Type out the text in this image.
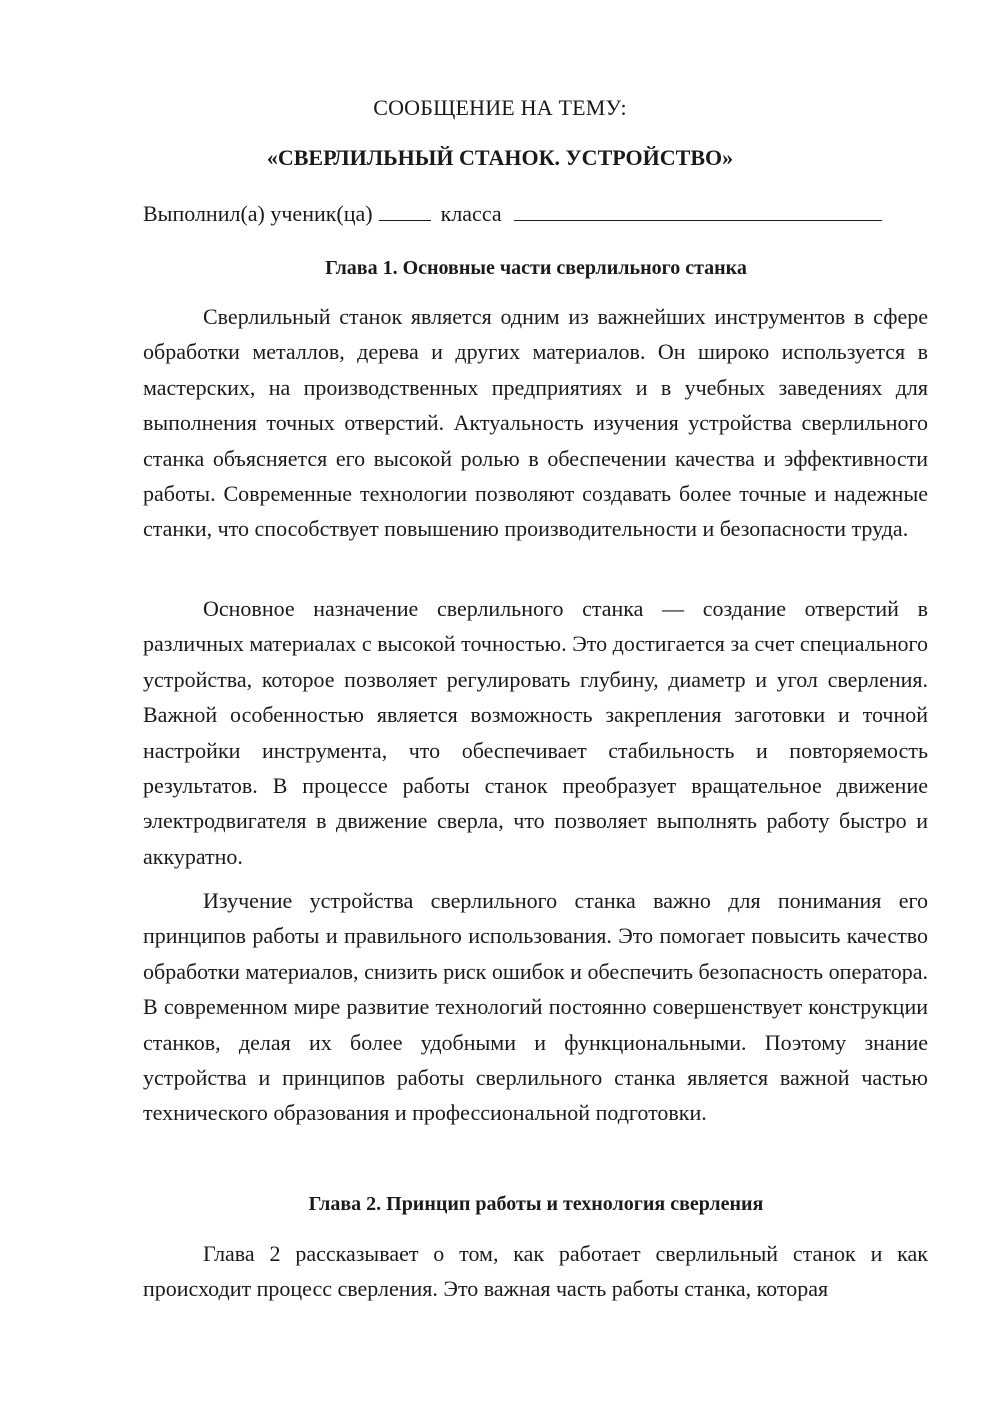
СООБЩЕНИЕ НА ТЕМУ:
«СВЕРЛИЛЬНЫЙ СТАНОК. УСТРОЙСТВО»
Выполнил(а) ученик(ца)	класса
Глава 1. Основные части сверлильного станка

Сверлильный станок является одним из важнейших инструментов в сфере обработки металлов, дерева и других материалов. Он широко используется в мастерских, на производственных предприятиях и в учебных заведениях для выполнения точных отверстий. Актуальность изучения устройства сверлильного станка объясняется его высокой ролью в обеспечении качества и эффективности работы. Современные технологии позволяют создавать более точные и надежные станки, что способствует повышению производительности и безопасности труда.

Основное назначение сверлильного станка — создание отверстий в различных материалах с высокой точностью. Это достигается за счет специального устройства, которое позволяет регулировать глубину, диаметр и угол сверления. Важной особенностью является возможность закрепления заготовки и точной настройки инструмента, что обеспечивает стабильность и повторяемость результатов. В процессе работы станок преобразует вращательное движение электродвигателя в движение сверла, что позволяет выполнять работу быстро и аккуратно.

Изучение устройства сверлильного станка важно для понимания его принципов работы и правильного использования. Это помогает повысить качество обработки материалов, снизить риск ошибок и обеспечить безопасность оператора. В современном мире развитие технологий постоянно совершенствует конструкции станков, делая их более удобными и функциональными. Поэтому знание устройства и принципов работы сверлильного станка является важной частью технического образования и профессиональной подготовки.

Глава 2. Принцип работы и технология сверления

Глава 2 рассказывает о том, как работает сверлильный станок и как происходит процесс сверления. Это важная часть работы станка, которая
